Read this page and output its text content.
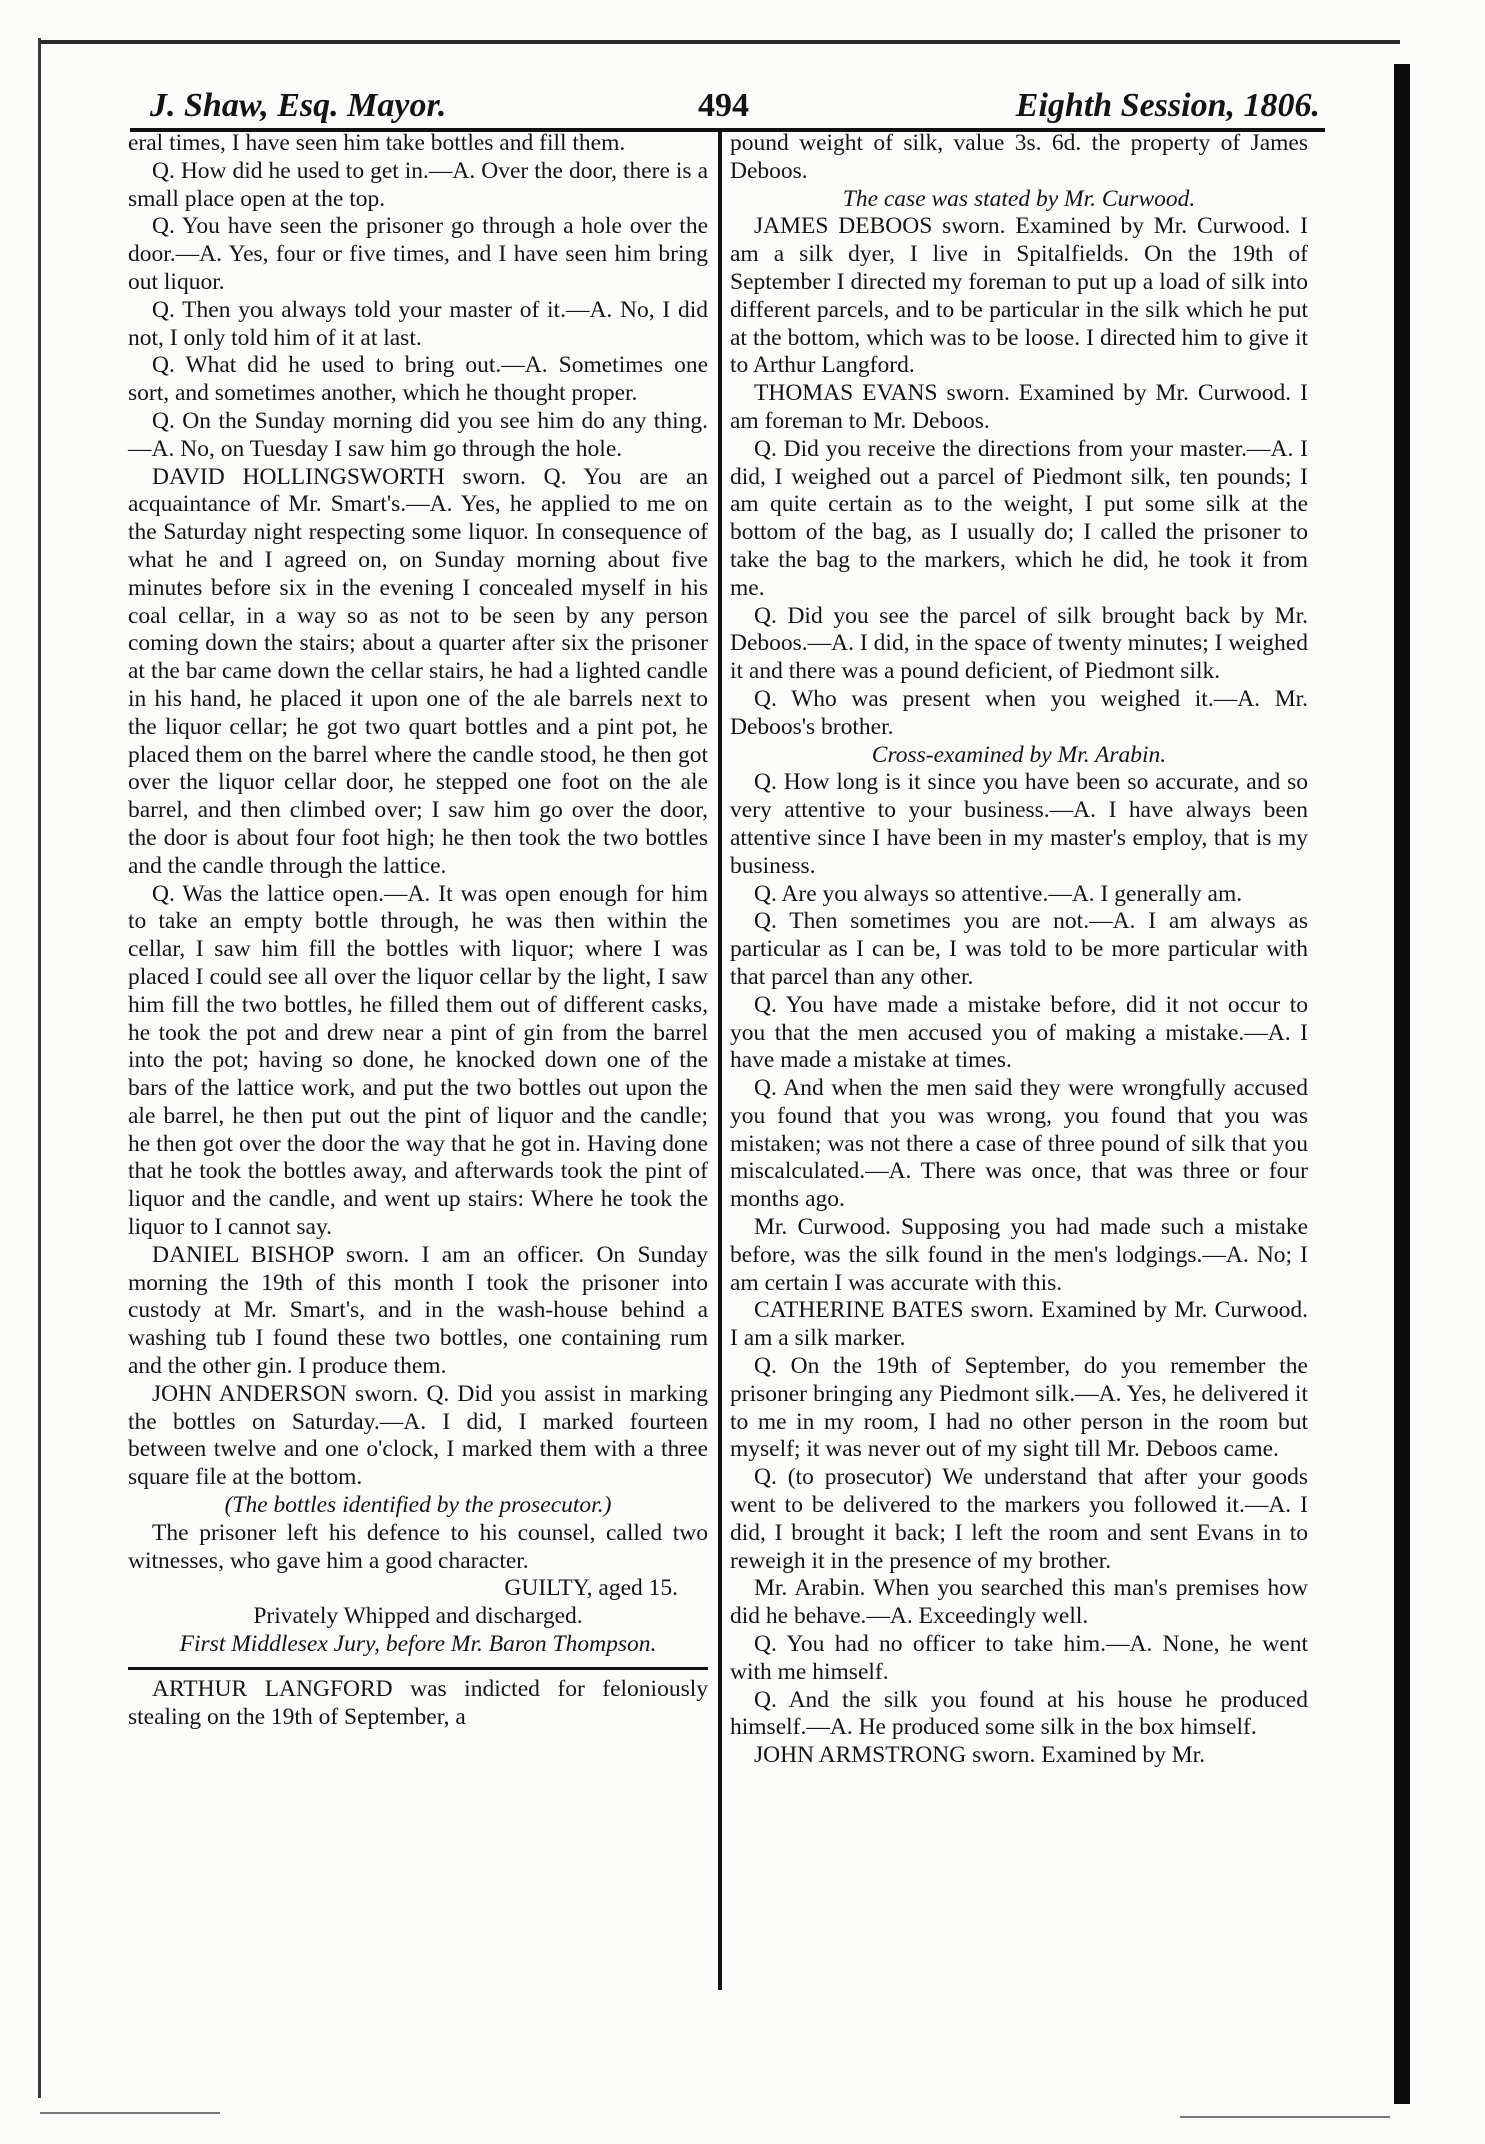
J. Shaw, Esq. Mayor.	494	Eighth Session, 1806.

eral times, I have seen him take bottles and fill them.

Q. How did he used to get in.—A. Over the door, there is a small place open at the top.

Q. You have seen the prisoner go through a hole over the door.—A. Yes, four or five times, and I have seen him bring out liquor.

Q. Then you always told your master of it.—A. No, I did not, I only told him of it at last.

Q. What did he used to bring out.—A. Sometimes one sort, and sometimes another, which he thought proper.

Q. On the Sunday morning did you see him do any thing.—A. No, on Tuesday I saw him go through the hole.

DAVID HOLLINGSWORTH sworn. Q. You are an acquaintance of Mr. Smart's.—A. Yes, he applied to me on the Saturday night respecting some liquor. In consequence of what he and I agreed on, on Sunday morning about five minutes before six in the evening I concealed myself in his coal cellar, in a way so as not to be seen by any person coming down the stairs; about a quarter after six the prisoner at the bar came down the cellar stairs, he had a lighted candle in his hand, he placed it upon one of the ale barrels next to the liquor cellar; he got two quart bottles and a pint pot, he placed them on the barrel where the candle stood, he then got over the liquor cellar door, he stepped one foot on the ale barrel, and then climbed over; I saw him go over the door, the door is about four foot high; he then took the two bottles and the candle through the lattice.

Q. Was the lattice open.—A. It was open enough for him to take an empty bottle through, he was then within the cellar, I saw him fill the bottles with liquor; where I was placed I could see all over the liquor cellar by the light, I saw him fill the two bottles, he filled them out of different casks, he took the pot and drew near a pint of gin from the barrel into the pot; having so done, he knocked down one of the bars of the lattice work, and put the two bottles out upon the ale barrel, he then put out the pint of liquor and the candle; he then got over the door the way that he got in. Having done that he took the bottles away, and afterwards took the pint of liquor and the candle, and went up stairs: Where he took the liquor to I cannot say.

DANIEL BISHOP sworn. I am an officer. On Sunday morning the 19th of this month I took the prisoner into custody at Mr. Smart's, and in the wash-house behind a washing tub I found these two bottles, one containing rum and the other gin. I produce them.

JOHN ANDERSON sworn. Q. Did you assist in marking the bottles on Saturday.—A. I did, I marked fourteen between twelve and one o'clock, I marked them with a three square file at the bottom.

(The bottles identified by the prosecutor.)

The prisoner left his defence to his counsel, called two witnesses, who gave him a good character.

GUILTY, aged 15.

Privately Whipped and discharged.

First Middlesex Jury, before Mr. Baron Thompson.

ARTHUR LANGFORD was indicted for feloniously stealing on the 19th of September, a

pound weight of silk, value 3s. 6d. the property of James Deboos.

The case was stated by Mr. Curwood.

JAMES DEBOOS sworn. Examined by Mr. Curwood. I am a silk dyer, I live in Spitalfields. On the 19th of September I directed my foreman to put up a load of silk into different parcels, and to be particular in the silk which he put at the bottom, which was to be loose. I directed him to give it to Arthur Langford.

THOMAS EVANS sworn. Examined by Mr. Curwood. I am foreman to Mr. Deboos.

Q. Did you receive the directions from your master.—A. I did, I weighed out a parcel of Piedmont silk, ten pounds; I am quite certain as to the weight, I put some silk at the bottom of the bag, as I usually do; I called the prisoner to take the bag to the markers, which he did, he took it from me.

Q. Did you see the parcel of silk brought back by Mr. Deboos.—A. I did, in the space of twenty minutes; I weighed it and there was a pound deficient, of Piedmont silk.

Q. Who was present when you weighed it.—A. Mr. Deboos's brother.

Cross-examined by Mr. Arabin.

Q. How long is it since you have been so accurate, and so very attentive to your business.—A. I have always been attentive since I have been in my master's employ, that is my business.

Q. Are you always so attentive.—A. I generally am.

Q. Then sometimes you are not.—A. I am always as particular as I can be, I was told to be more particular with that parcel than any other.

Q. You have made a mistake before, did it not occur to you that the men accused you of making a mistake.—A. I have made a mistake at times.

Q. And when the men said they were wrongfully accused you found that you was wrong, you found that you was mistaken; was not there a case of three pound of silk that you miscalculated.—A. There was once, that was three or four months ago.

Mr. Curwood. Supposing you had made such a mistake before, was the silk found in the men's lodgings.—A. No; I am certain I was accurate with this.

CATHERINE BATES sworn. Examined by Mr. Curwood. I am a silk marker.

Q. On the 19th of September, do you remember the prisoner bringing any Piedmont silk.—A. Yes, he delivered it to me in my room, I had no other person in the room but myself; it was never out of my sight till Mr. Deboos came.

Q. (to prosecutor) We understand that after your goods went to be delivered to the markers you followed it.—A. I did, I brought it back; I left the room and sent Evans in to reweigh it in the presence of my brother.

Mr. Arabin. When you searched this man's premises how did he behave.—A. Exceedingly well.

Q. You had no officer to take him.—A. None, he went with me himself.

Q. And the silk you found at his house he produced himself.—A. He produced some silk in the box himself.

JOHN ARMSTRONG sworn. Examined by Mr.
